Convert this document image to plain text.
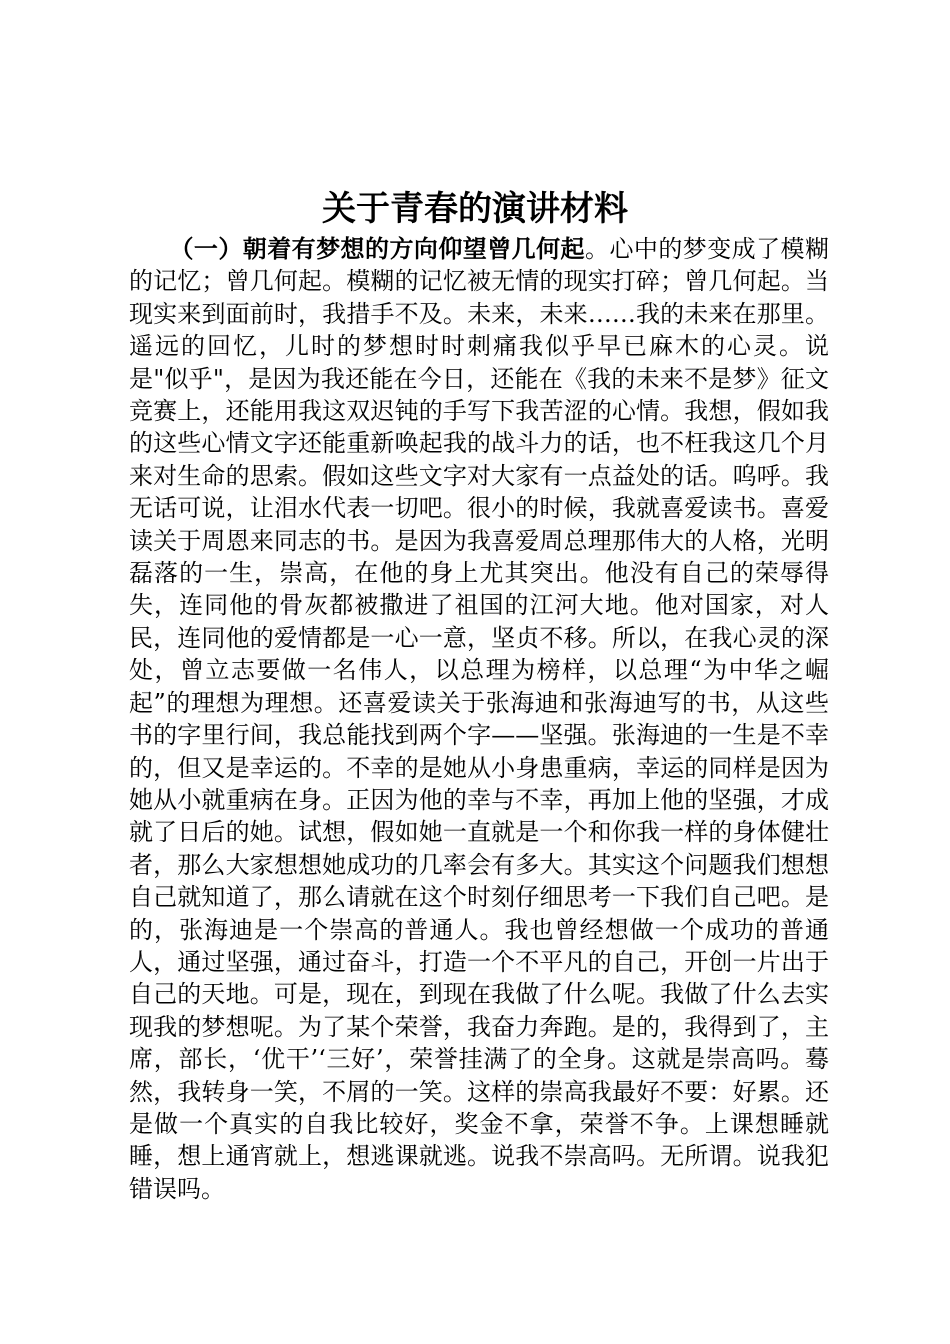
关于青春的演讲材料

（一）朝着有梦想的方向仰望曾几何起。心中的梦变成了模糊的记忆；曾几何起。模糊的记忆被无情的现实打碎；曾几何起。当现实来到面前时，我措手不及。未来，未来……我的未来在那里。遥远的回忆，儿时的梦想时时刺痛我似乎早已麻木的心灵。说是"似乎"，是因为我还能在今日，还能在《我的未来不是梦》征文竞赛上，还能用我这双迟钝的手写下我苦涩的心情。我想，假如我的这些心情文字还能重新唤起我的战斗力的话，也不枉我这几个月来对生命的思索。假如这些文字对大家有一点益处的话。呜呼。我无话可说，让泪水代表一切吧。很小的时候，我就喜爱读书。喜爱读关于周恩来同志的书。是因为我喜爱周总理那伟大的人格，光明磊落的一生，崇高，在他的身上尤其突出。他没有自己的荣辱得失，连同他的骨灰都被撒进了祖国的江河大地。他对国家，对人民，连同他的爱情都是一心一意，坚贞不移。所以，在我心灵的深处，曾立志要做一名伟人，以总理为榜样，以总理“为中华之崛起”的理想为理想。还喜爱读关于张海迪和张海迪写的书，从这些书的字里行间，我总能找到两个字——坚强。张海迪的一生是不幸的，但又是幸运的。不幸的是她从小身患重病，幸运的同样是因为她从小就重病在身。正因为他的幸与不幸，再加上他的坚强，才成就了日后的她。试想，假如她一直就是一个和你我一样的身体健壮者，那么大家想想她成功的几率会有多大。其实这个问题我们想想自己就知道了，那么请就在这个时刻仔细思考一下我们自己吧。是的，张海迪是一个崇高的普通人。我也曾经想做一个成功的普通人，通过坚强，通过奋斗，打造一个不平凡的自己，开创一片出于自己的天地。可是，现在，到现在我做了什么呢。我做了什么去实现我的梦想呢。为了某个荣誉，我奋力奔跑。是的，我得到了，主席，部长，‘优干’‘三好’，荣誉挂满了的全身。这就是崇高吗。蓦然，我转身一笑，不屑的一笑。这样的崇高我最好不要：好累。还是做一个真实的自我比较好，奖金不拿，荣誉不争。上课想睡就睡，想上通宵就上，想逃课就逃。说我不崇高吗。无所谓。说我犯错误吗。
